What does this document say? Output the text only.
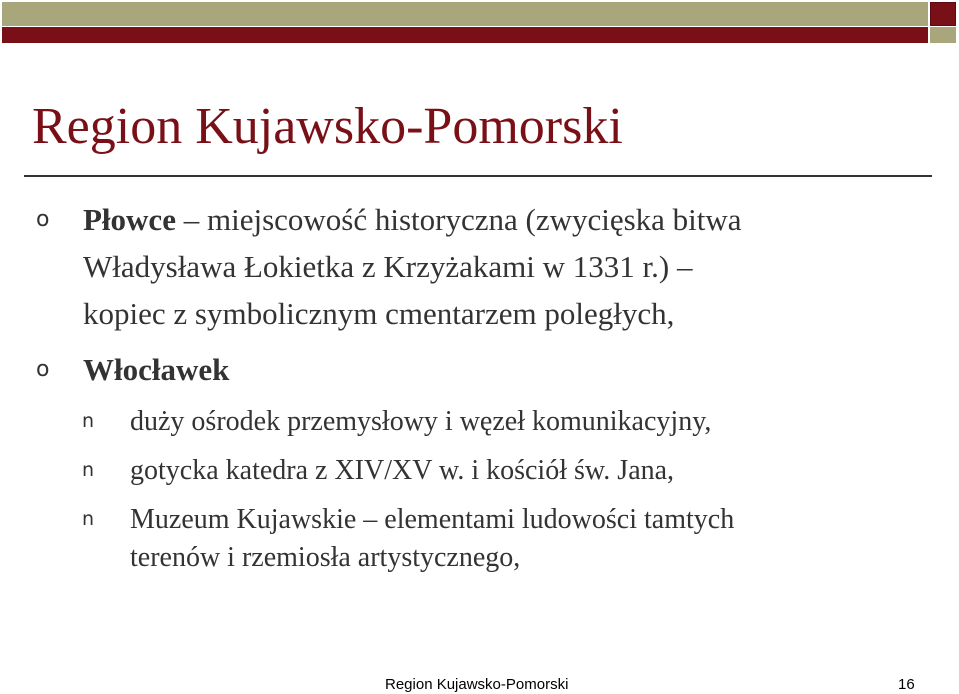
Region Kujawsko-Pomorski
o Płowce – miejscowość historyczna (zwycięska bitwa
Władysława Łokietka z Krzyżakami w 1331 r.) –
kopiec z symbolicznym cmentarzem poległych,
o Włocławek
n duży ośrodek przemysłowy i węzeł komunikacyjny,
n gotycka katedra z XIV/XV w. i kościół św. Jana,
n Muzeum Kujawskie – elementami ludowości tamtych
terenów i rzemiosła artystycznego,
Region Kujawsko-Pomorski	16
